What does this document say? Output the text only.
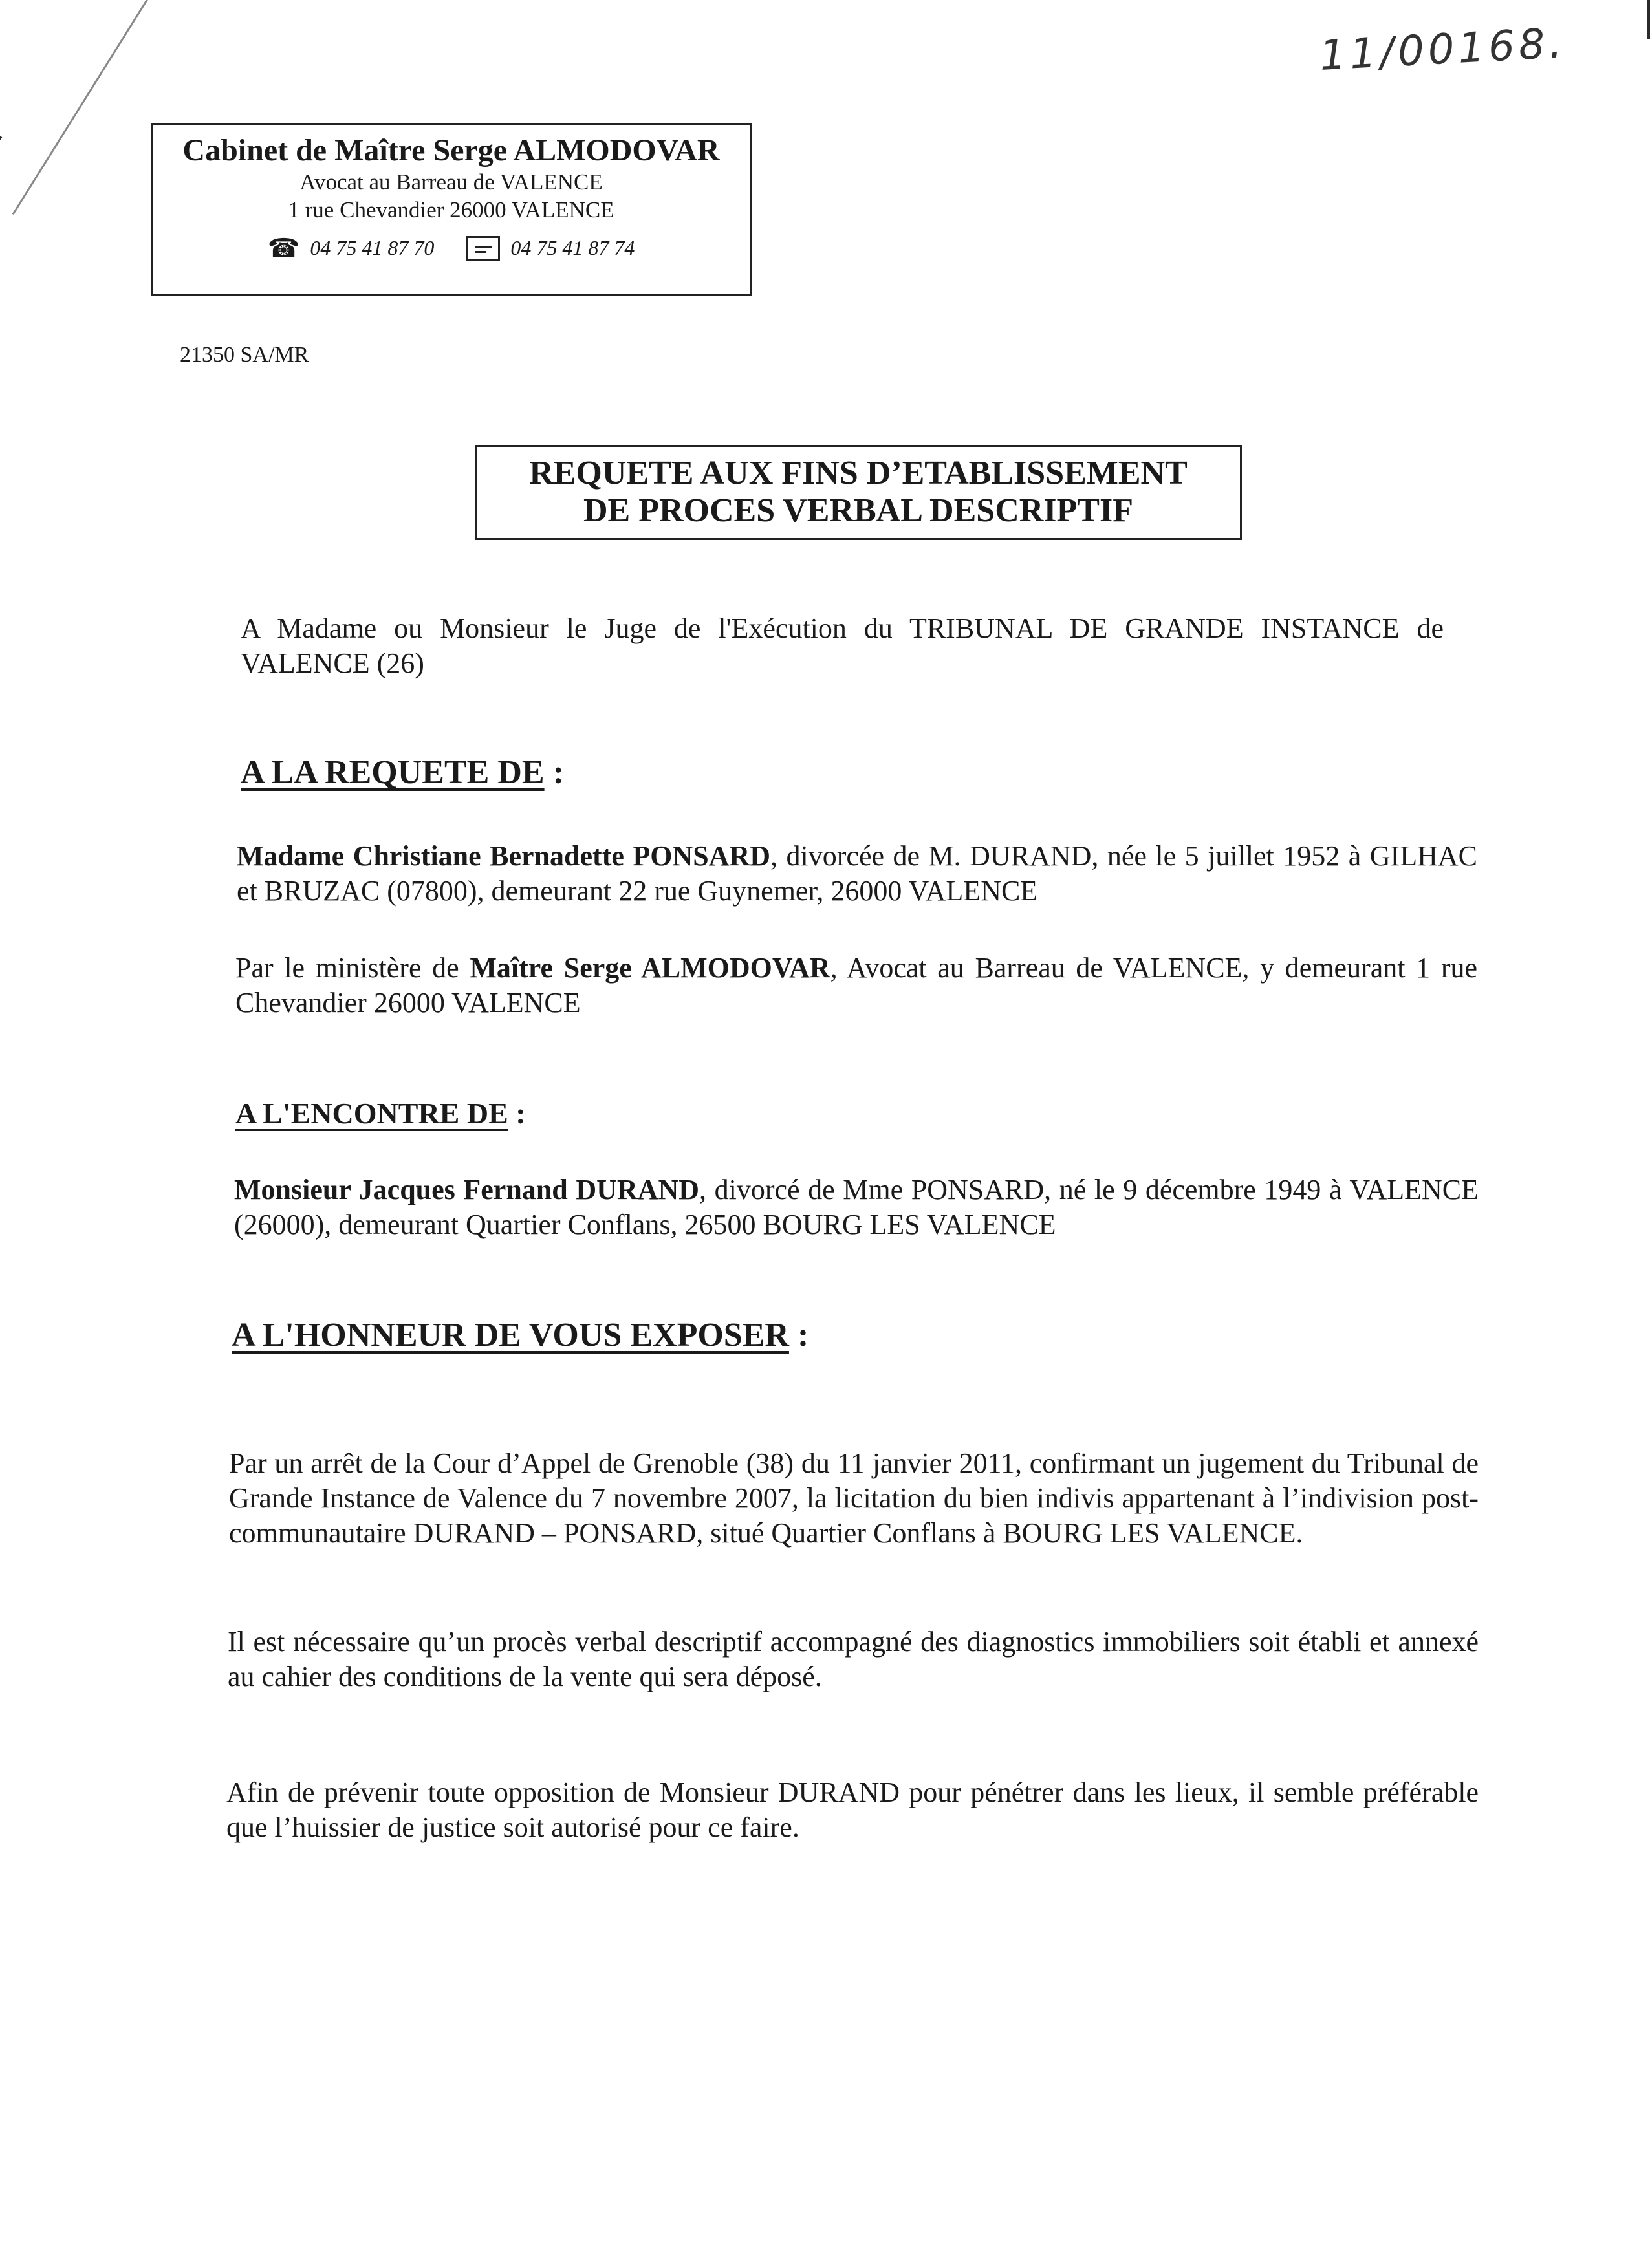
11/00168.
Cabinet de Maître Serge ALMODOVAR
Avocat au Barreau de VALENCE
1 rue Chevandier 26000 VALENCE
☎ 04 75 41 87 70	04 75 41 87 74
21350 SA/MR
REQUETE AUX FINS D’ETABLISSEMENT
DE PROCES VERBAL DESCRIPTIF
A Madame ou Monsieur le Juge de l'Exécution du TRIBUNAL DE GRANDE INSTANCE de VALENCE (26)
A LA REQUETE DE :
Madame Christiane Bernadette PONSARD, divorcée de M. DURAND, née le 5 juillet 1952 à GILHAC et BRUZAC (07800), demeurant 22 rue Guynemer, 26000 VALENCE
Par le ministère de Maître Serge ALMODOVAR, Avocat au Barreau de VALENCE, y demeurant 1 rue Chevandier 26000 VALENCE
A L'ENCONTRE DE :
Monsieur Jacques Fernand DURAND, divorcé de Mme PONSARD, né le 9 décembre 1949 à VALENCE (26000), demeurant Quartier Conflans, 26500 BOURG LES VALENCE
A L'HONNEUR DE VOUS EXPOSER :
Par un arrêt de la Cour d’Appel de Grenoble (38) du 11 janvier 2011, confirmant un jugement du Tribunal de Grande Instance de Valence du 7 novembre 2007, la licitation du bien indivis appartenant à l’indivision post-communautaire DURAND – PONSARD, situé Quartier Conflans à BOURG LES VALENCE.
Il est nécessaire qu’un procès verbal descriptif accompagné des diagnostics immobiliers soit établi et annexé au cahier des conditions de la vente qui sera déposé.
Afin de prévenir toute opposition de Monsieur DURAND pour pénétrer dans les lieux, il semble préférable que l’huissier de justice soit autorisé pour ce faire.
